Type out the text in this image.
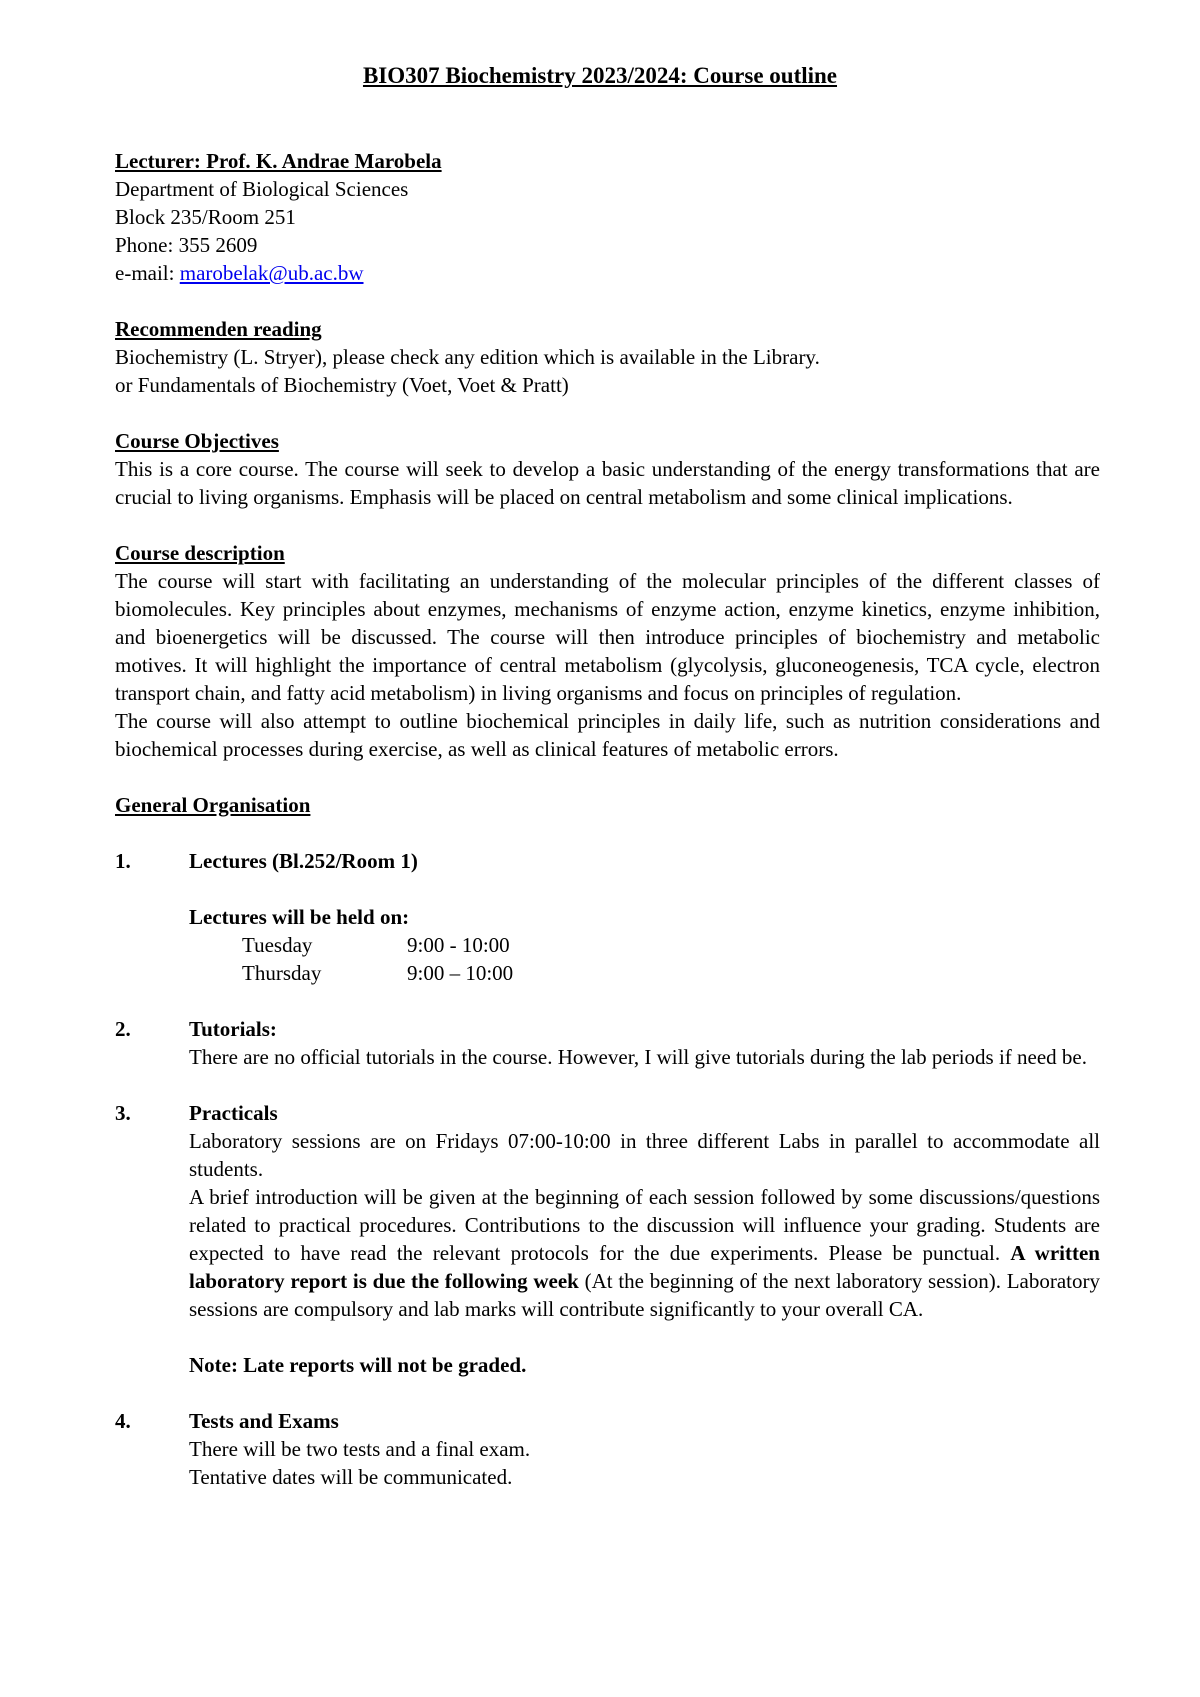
BIO307 Biochemistry 2023/2024: Course outline
Lecturer: Prof. K. Andrae Marobela
Department of Biological Sciences
Block 235/Room 251
Phone: 355 2609
e-mail: marobelak@ub.ac.bw
Recommenden reading
Biochemistry (L. Stryer), please check any edition which is available in the Library.
or Fundamentals of Biochemistry (Voet, Voet & Pratt)
Course Objectives

This is a core course. The course will seek to develop a basic understanding of the energy transformations that are crucial to living organisms. Emphasis will be placed on central metabolism and some clinical implications.

Course description

The course will start with facilitating an understanding of the molecular principles of the different classes of biomolecules. Key principles about enzymes, mechanisms of enzyme action, enzyme kinetics, enzyme inhibition, and bioenergetics will be discussed. The course will then introduce principles of biochemistry and metabolic motives. It will highlight the importance of central metabolism (glycolysis, gluconeogenesis, TCA cycle, electron transport chain, and fatty acid metabolism) in living organisms and focus on principles of regulation.

The course will also attempt to outline biochemical principles in daily life, such as nutrition considerations and biochemical processes during exercise, as well as clinical features of metabolic errors.

General Organisation
1.	Lectures (Bl.252/Room 1)
Lectures will be held on:
Tuesday	9:00 - 10:00
Thursday	9:00 – 10:00
2.	Tutorials:

There are no official tutorials in the course. However, I will give tutorials during the lab periods if need be.

3.	Practicals

Laboratory sessions are on Fridays 07:00-10:00 in three different Labs in parallel to accommodate all students.

A brief introduction will be given at the beginning of each session followed by some discussions/questions related to practical procedures. Contributions to the discussion will influence your grading. Students are expected to have read the relevant protocols for the due experiments. Please be punctual. A written laboratory report is due the following week (At the beginning of the next laboratory session). Laboratory sessions are compulsory and lab marks will contribute significantly to your overall CA.

Note: Late reports will not be graded.
4.	Tests and Exams
There will be two tests and a final exam.
Tentative dates will be communicated.
